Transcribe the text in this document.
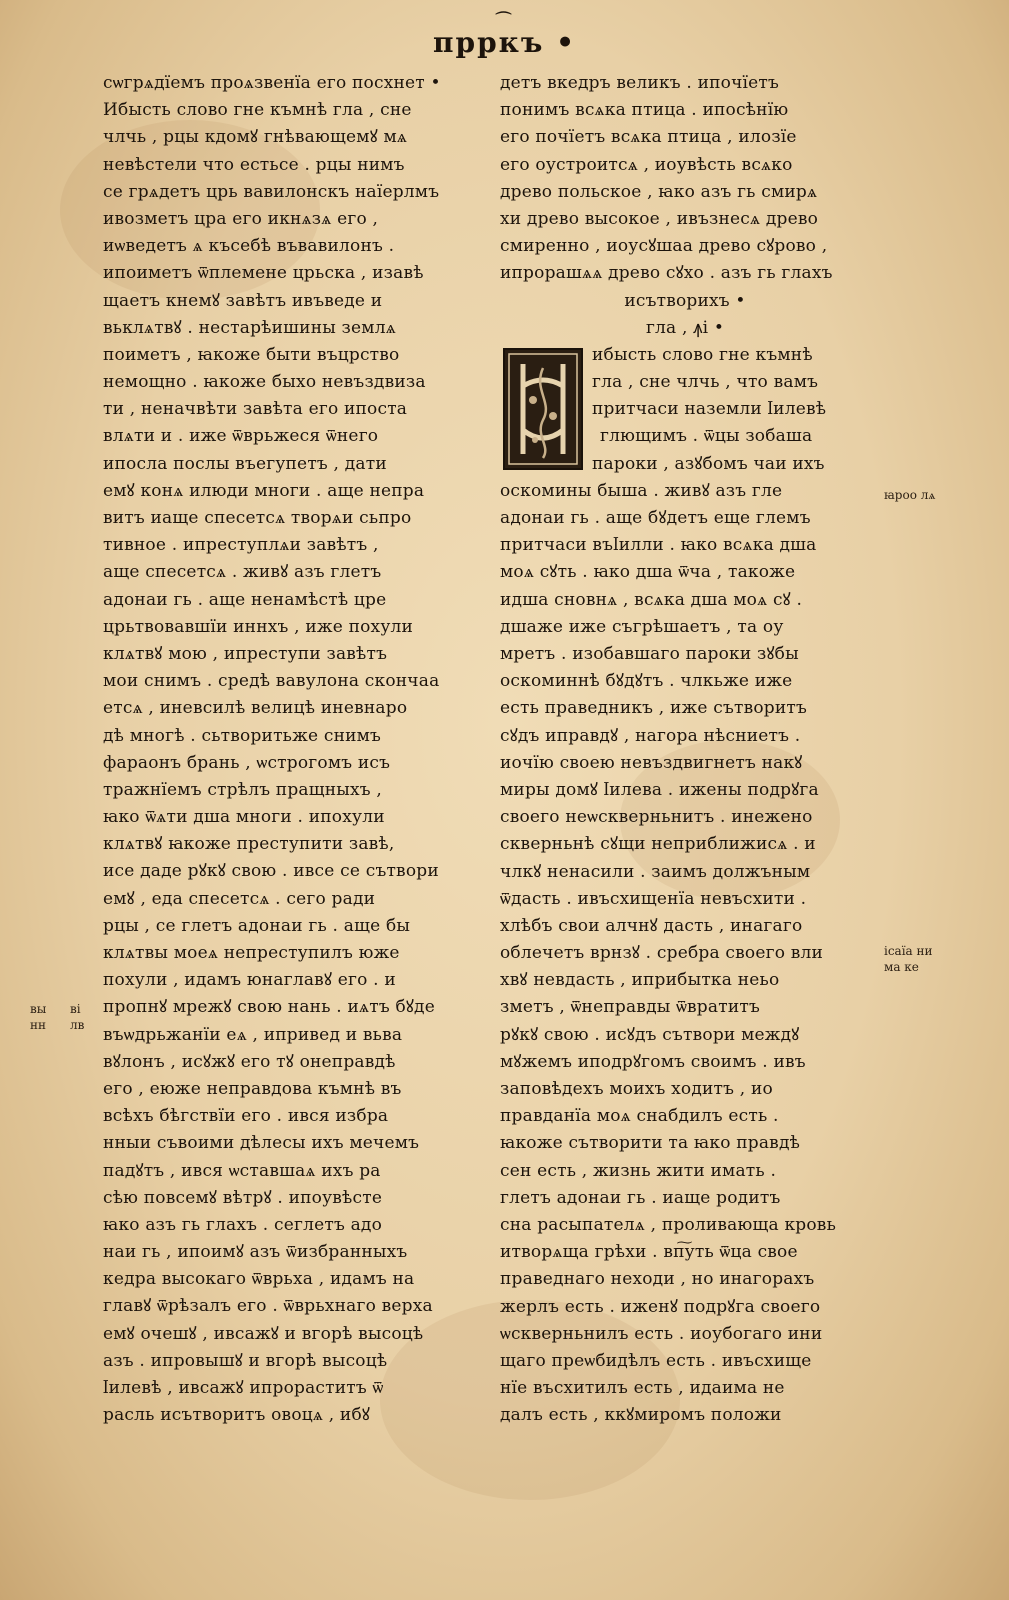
⌒
прркъ •
сѡгрѧдїемъ проѧзвенїа его посхнет •
Ибысть слово гне къмнѣ гла , сне
члчь , рцы кдомꙋ гнѣвающемꙋ мѧ
невѣстели что естьсе . рцы нимъ
се грѧдетъ црь вавилонскъ наїерлмъ
ивозметъ цра его икнѧзѧ его ,
иѡведетъ ѧ късебѣ въвавилонъ .
ипоиметъ ѿплемене црьска , изавѣ
щаетъ кнемꙋ завѣтъ ивъведе и
вьклѧтвꙋ . нестарѣишины землѧ
поиметъ , ꙗкоже быти въцрство
немощно . ꙗкоже быхо невъздвиза
ти , неначвѣти завѣта его ипоста
влѧти и . иже ѿврьжеся ѿнего
ипосла послы въегупетъ , дати
емꙋ конѧ илюди многи . аще непра
витъ иаще спесетсѧ творѧи сьпро
тивное . ипреступлѧи завѣтъ ,
аще спесетсѧ . живꙋ азъ глетъ
адонаи гь . аще ненамѣстѣ цре
црьтвовавшїи иннхъ , иже похули
клѧтвꙋ мою , ипреступи завѣтъ
мои снимъ . средѣ вавулона скончаа
етсѧ , иневсилѣ велицѣ иневнаро
дѣ многѣ . сьтворитьже снимъ
фараонъ брань , ѡстрогомъ исъ
тражнїемъ стрѣлъ пращныхъ ,
ꙗко ѿѧти дша многи . ипохули
клѧтвꙋ ꙗкоже преступити завѣ,
исе даде рꙋкꙋ свою . ивсе се сътвори
емꙋ , еда спесетсѧ . сего ради
рцы , се глетъ адонаи гь . аще бы
клѧтвы моеѧ непреступилъ юже
похули , идамъ юнаглавꙋ его . и
пропнꙋ мрежꙋ свою нань . иѧтъ бꙋде
въѡдрьжанїи еѧ , ипривед и вьва
вꙋлонъ , исꙋжꙋ его тꙋ онеправдѣ
его , еюже неправдова къмнѣ въ
всѣхъ бѣгствїи его . ився избра
нныи съвоими дѣлесы ихъ мечемъ
падꙋтъ , ився ѡставшаѧ ихъ ра
сѣю повсемꙋ вѣтрꙋ . ипоувѣсте
ꙗко азъ гь глахъ . сеглетъ адо
наи гь , ипоимꙋ азъ ѿизбранныхъ
кедра высокаго ѿврьха , идамъ на
главꙋ ѿрѣзалъ его . ѿврьхнаго верха
емꙋ очешꙋ , ивсажꙋ и вгорѣ высоцѣ
азъ . ипровышꙋ и вгорѣ высоцѣ
ӏилевѣ , ивсажꙋ ипрораститъ ѿ
расль исътворитъ овоцѧ , ибꙋ
детъ вкедръ великъ . ипочїетъ
понимъ всѧка птица . ипосѣнїю
его почїетъ всѧка птица , илозїе
его оустроитсѧ , иоувѣсть всѧко
древо польское , ꙗко азъ гь смирѧ
хи древо высокое , ивъзнесѧ древо
смиренно , иоусꙋшаа древо сꙋрово ,
ипрорашѧѧ древо сꙋхо . азъ гь глахъ
исътворихъ •
гла , ꙟі •
ибысть слово гне къмнѣ
гла , сне члчь , что вамъ
притчаси наземли ӏилевѣ
глющимъ . ѿцы зобаша
пароки , азꙋбомъ чаи ихъ
оскомины быша . живꙋ азъ гле
адонаи гь . аще бꙋдетъ еще глемъ
притчаси въӏилли . ꙗко всѧка дша
моѧ сꙋть . ꙗко дша ѿча , такожe
идша сновнѧ , всѧка дша моѧ сꙋ .
дшаже иже съгрѣшаетъ , та оу
мретъ . изобавшаго пароки зꙋбы
оскоминнѣ бꙋдꙋтъ . члкьже иже
есть праведникъ , иже сътворитъ
сꙋдъ иправдꙋ , нагора нѣсниетъ .
иочїю своею невъздвигнетъ накꙋ
миры домꙋ ӏилева . ижены подрꙋга
своего неѡскверньнитъ . инежено
скверньнѣ сꙋщи неприближисѧ . и
члкꙋ ненасили . заимъ должъным
ѿдасть . ивъсхищенїа невъсхити .
хлѣбъ свои алчнꙋ дасть , инагаго
облечетъ врнзꙋ . сребра своего вли
хвꙋ невдасть , иприбытка неьо
зметъ , ѿнеправды ѿвратитъ
рꙋкꙋ свою . исꙋдъ сътвори междꙋ
мꙋжемъ иподрꙋгомъ своимъ . ивъ
заповѣдехъ моихъ ходитъ , ио
правданїа моѧ снабдилъ есть .
ꙗкоже сътворити та ꙗко правдѣ
сен есть , жизнь жити имать .
глетъ адонаи гь . иаще родитъ
сна расыпателѧ , проливающа кровь
итворѧща грѣхи . вп͠уть ѿца свое
праведнаго неходи , но инагорахъ
жерлъ есть . иженꙋ подрꙋга своего
ѡскверньнилъ есть . иоубогаго ини
щаго преѡбидѣлъ есть . ивъсхищe
нїе въсхитилъ есть , идаима не
далъ есть , ккꙋмиромъ положи
ꙗроо лѧ
ісаїа ни
ма ке
вы
нн
ві
лв
